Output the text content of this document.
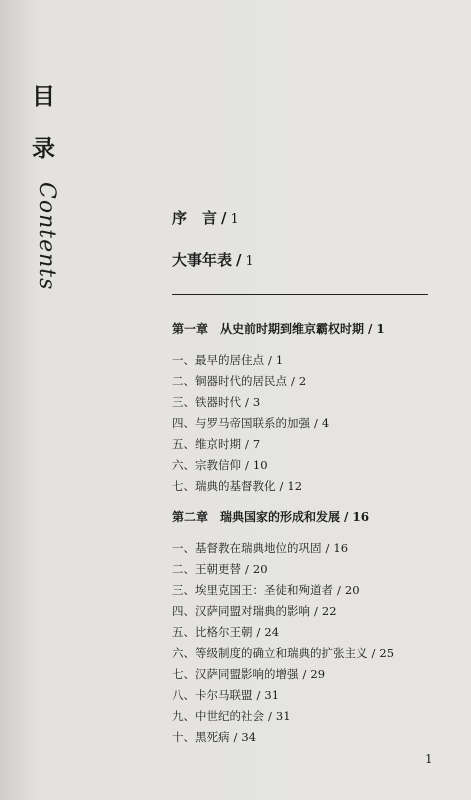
目
录
Contents	序　言 / 1
大事年表 / 1
第一章　从史前时期到维京霸权时期 / 1
一、最早的居住点 / 1
二、铜器时代的居民点 / 2
三、铁器时代 / 3
四、与罗马帝国联系的加强 / 4
五、维京时期 / 7
六、宗教信仰 / 10
七、瑞典的基督教化 / 12
第二章　瑞典国家的形成和发展 / 16
一、基督教在瑞典地位的巩固 / 16
二、王朝更替 / 20
三、埃里克国王：圣徒和殉道者 / 20
四、汉萨同盟对瑞典的影响 / 22
五、比格尔王朝 / 24
六、等级制度的确立和瑞典的扩张主义 / 25
七、汉萨同盟影响的增强 / 29
八、卡尔马联盟 / 31
九、中世纪的社会 / 31
十、黑死病 / 34
1
